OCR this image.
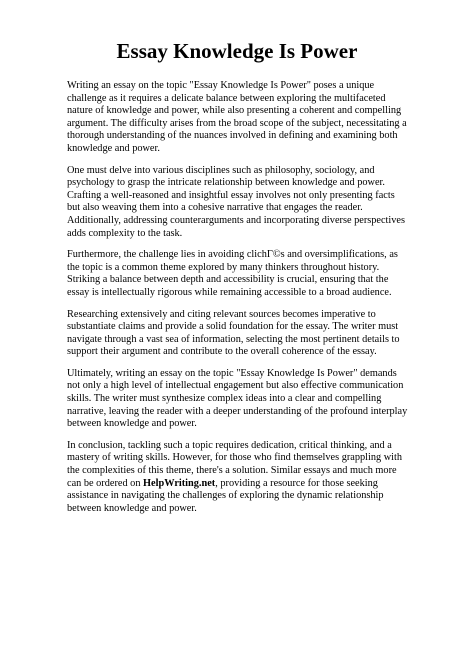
Essay Knowledge Is Power

Writing an essay on the topic "Essay Knowledge Is Power" poses a unique challenge as it requires a delicate balance between exploring the multifaceted nature of knowledge and power, while also presenting a coherent and compelling argument. The difficulty arises from the broad scope of the subject, necessitating a thorough understanding of the nuances involved in defining and examining both knowledge and power.

One must delve into various disciplines such as philosophy, sociology, and psychology to grasp the intricate relationship between knowledge and power. Crafting a well-reasoned and insightful essay involves not only presenting facts but also weaving them into a cohesive narrative that engages the reader. Additionally, addressing counterarguments and incorporating diverse perspectives adds complexity to the task.

Furthermore, the challenge lies in avoiding clichГ©s and oversimplifications, as the topic is a common theme explored by many thinkers throughout history. Striking a balance between depth and accessibility is crucial, ensuring that the essay is intellectually rigorous while remaining accessible to a broad audience.

Researching extensively and citing relevant sources becomes imperative to substantiate claims and provide a solid foundation for the essay. The writer must navigate through a vast sea of information, selecting the most pertinent details to support their argument and contribute to the overall coherence of the essay.

Ultimately, writing an essay on the topic "Essay Knowledge Is Power" demands not only a high level of intellectual engagement but also effective communication skills. The writer must synthesize complex ideas into a clear and compelling narrative, leaving the reader with a deeper understanding of the profound interplay between knowledge and power.

In conclusion, tackling such a topic requires dedication, critical thinking, and a mastery of writing skills. However, for those who find themselves grappling with the complexities of this theme, there's a solution. Similar essays and much more can be ordered on HelpWriting.net, providing a resource for those seeking assistance in navigating the challenges of exploring the dynamic relationship between knowledge and power.
